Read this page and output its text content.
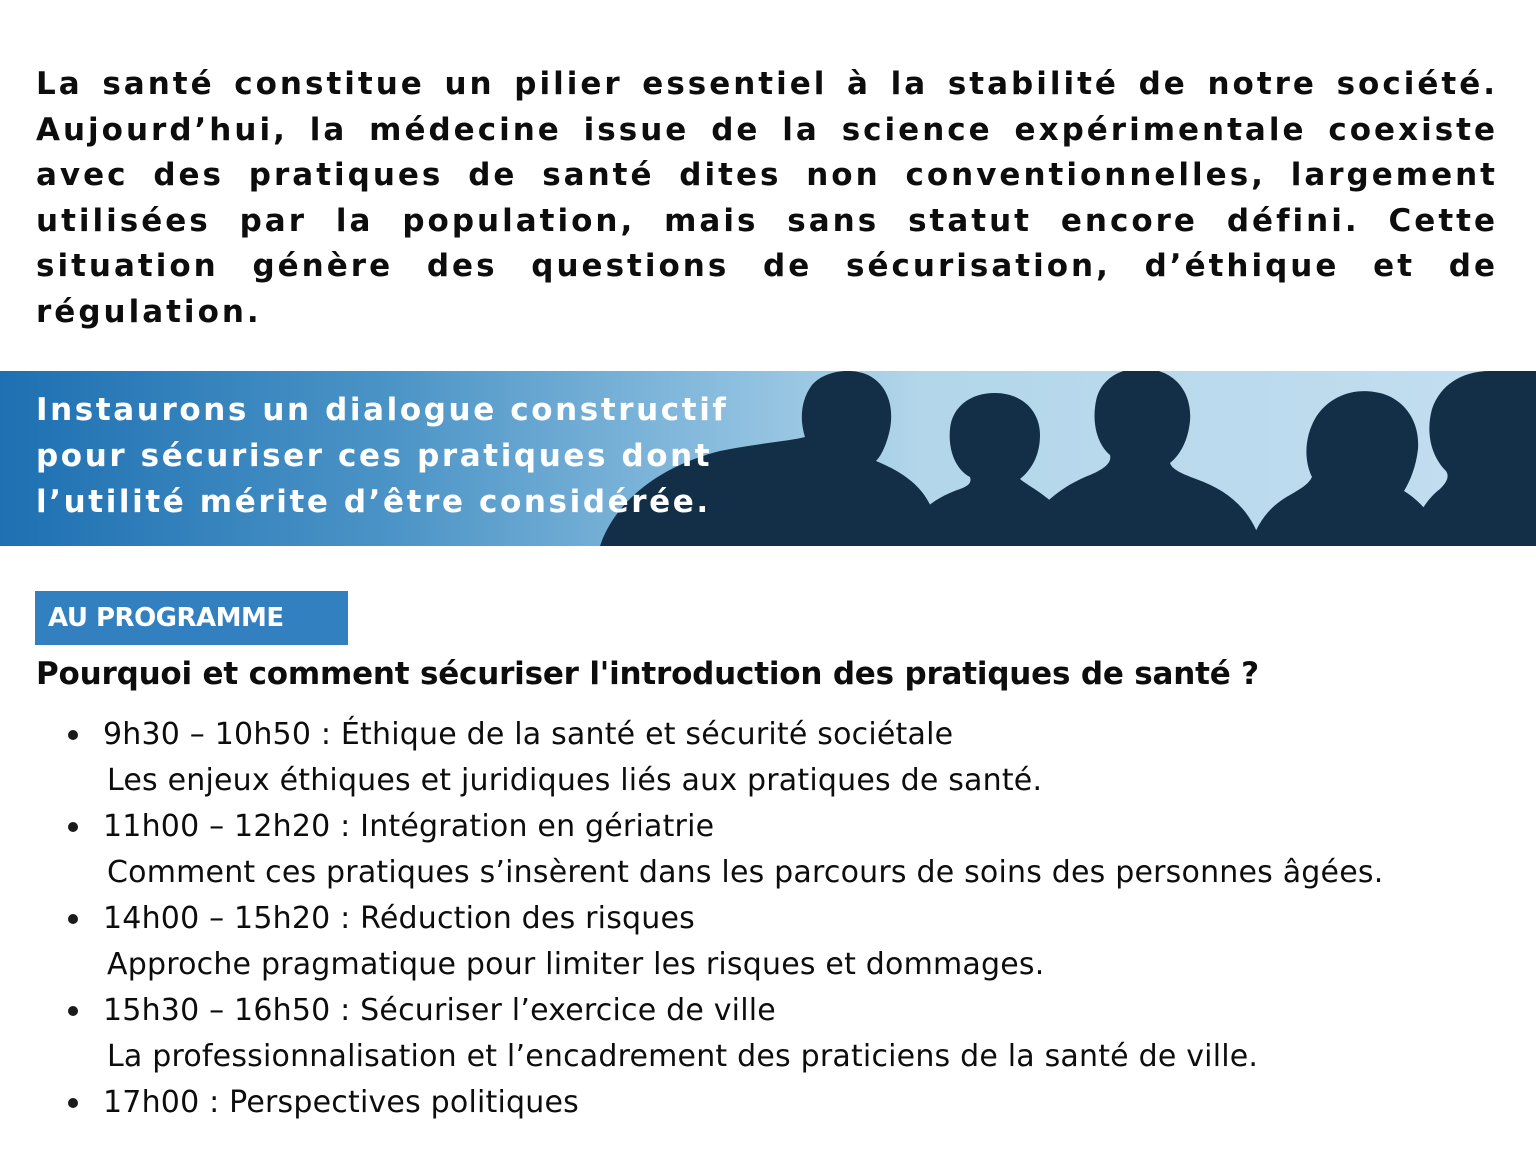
La santé constitue un pilier essentiel à la stabilité de notre société. Aujourd’hui, la médecine issue de la science expérimentale coexiste avec des pratiques de santé dites non conventionnelles, largement utilisées par la population, mais sans statut encore défini. Cette situation génère des questions de sécurisation, d’éthique et de régulation.

Instaurons un dialogue constructif
pour sécuriser ces pratiques dont
l’utilité mérite d’être considérée.

AU PROGRAMME
Pourquoi et comment sécuriser l'introduction des pratiques de santé ?
9h30 – 10h50 : Éthique de la santé et sécurité sociétale
Les enjeux éthiques et juridiques liés aux pratiques de santé.
11h00 – 12h20 : Intégration en gériatrie
Comment ces pratiques s’insèrent dans les parcours de soins des personnes âgées.
14h00 – 15h20 : Réduction des risques
Approche pragmatique pour limiter les risques et dommages.
15h30 – 16h50 : Sécuriser l’exercice de ville
La professionnalisation et l’encadrement des praticiens de la santé de ville.
17h00 : Perspectives politiques
